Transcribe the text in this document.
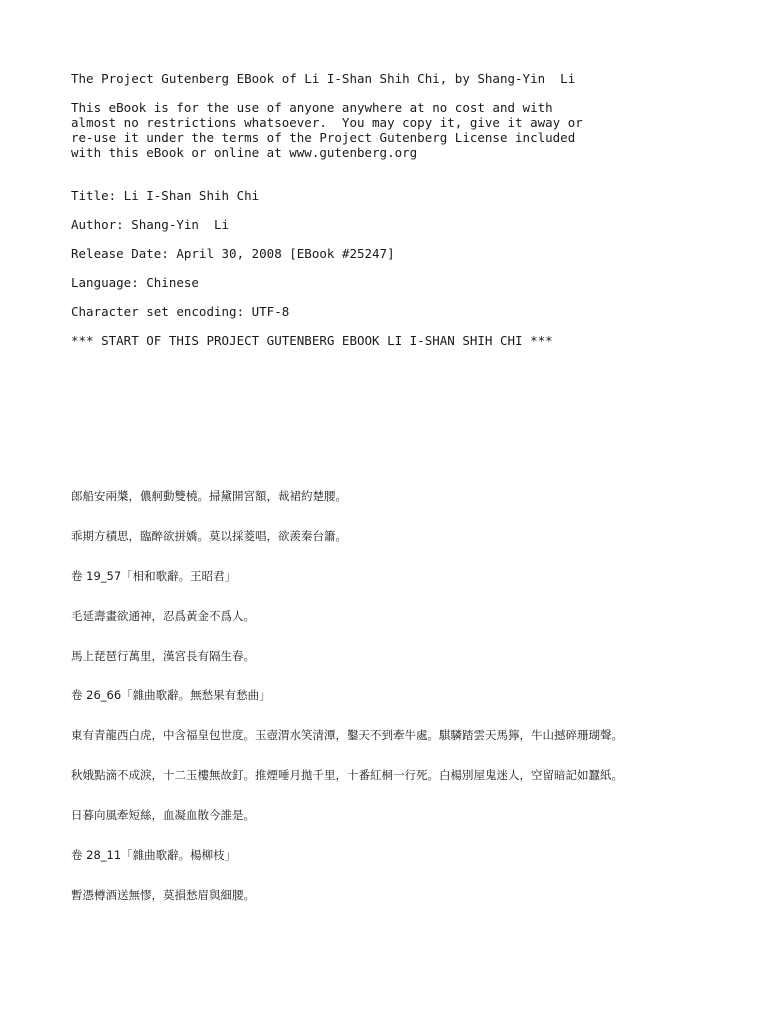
The Project Gutenberg EBook of Li I-Shan Shih Chi, by Shang-Yin  Li
This eBook is for the use of anyone anywhere at no cost and with
almost no restrictions whatsoever.  You may copy it, give it away or
re-use it under the terms of the Project Gutenberg License included
with this eBook or online at www.gutenberg.org
Title: Li I-Shan Shih Chi
Author: Shang-Yin  Li
Release Date: April 30, 2008 [EBook #25247]
Language: Chinese
Character set encoding: UTF-8
*** START OF THIS PROJECT GUTENBERG EBOOK LI I-SHAN SHIH CHI ***
郎船安兩槳，儂舸動雙橈。掃黛開宮額，裁裙約楚腰。
乖期方積思，臨醉欲拼嬌。莫以採菱唱，欲羨秦台簫。
卷 19_57「相和歌辭。王昭君」
毛延壽畫欲通神，忍爲黃金不爲人。
馬上琵琶行萬里，漢宮長有隔生春。
卷 26_66「雜曲歌辭。無愁果有愁曲」
東有青龍西白虎，中含福皇包世度。玉壺渭水笑清潭，鑿天不到牽牛處。騏驎踏雲天馬獰，牛山撼碎珊瑚聲。
秋娥點滴不成淚，十二玉樓無故釘。推煙唾月拋千里，十番紅桐一行死。白楊別屋鬼迷人，空留暗記如蠶紙。
日暮向風牽短絲，血凝血散今誰是。
卷 28_11「雜曲歌辭。楊柳枝」
暫憑樽酒送無憀，莫損愁眉與細腰。
